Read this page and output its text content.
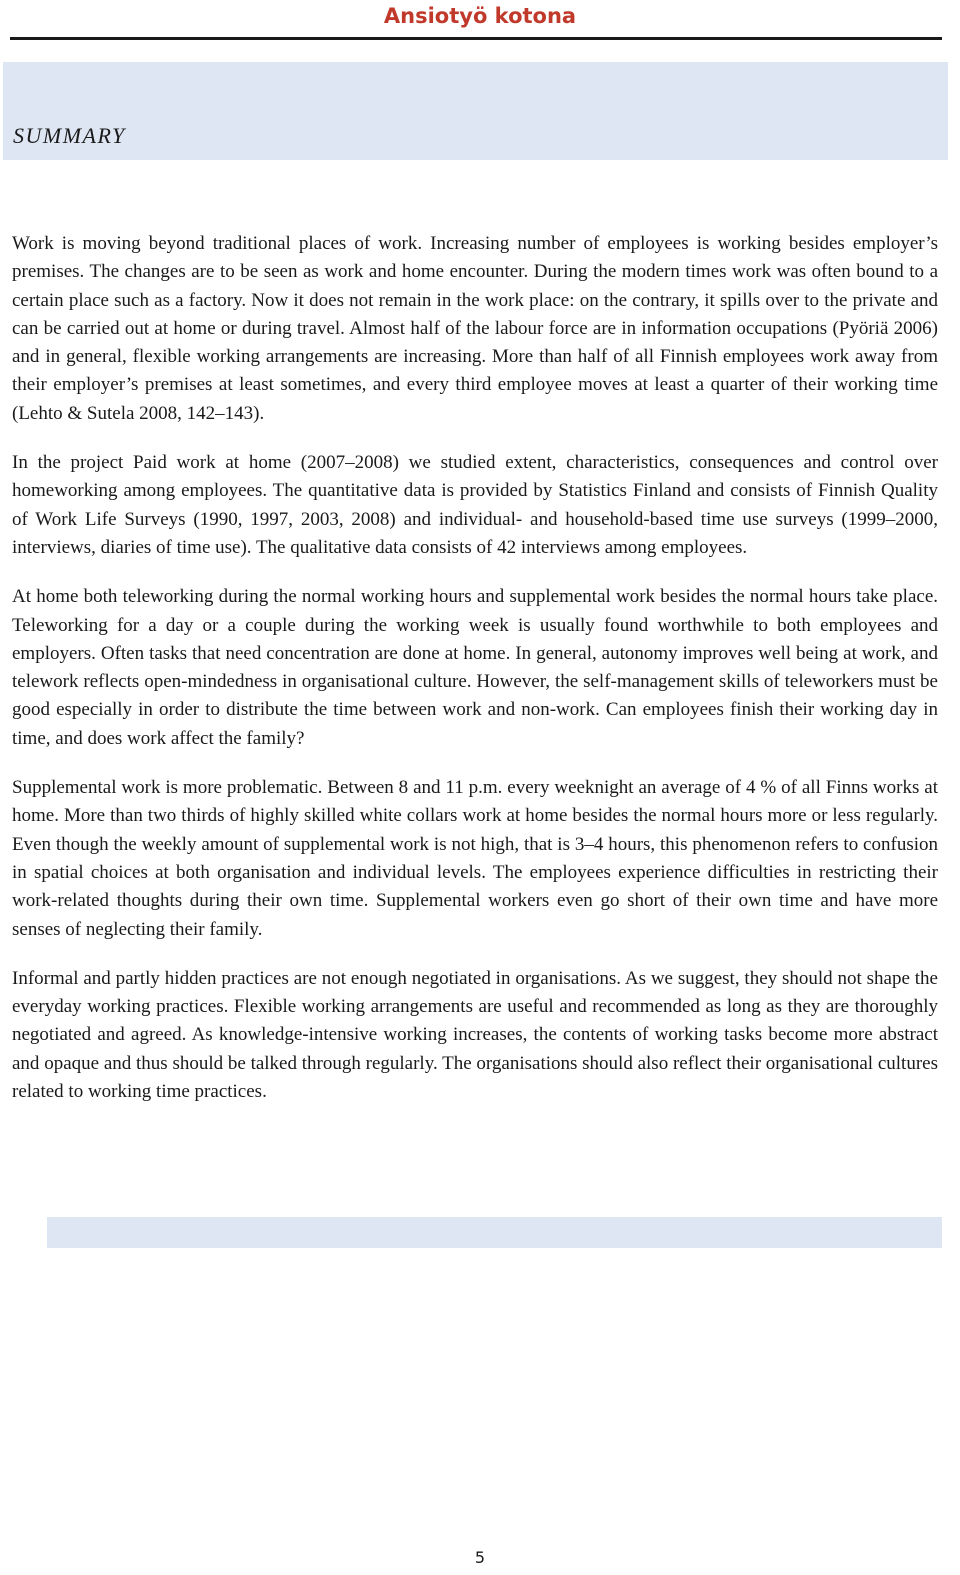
Ansiotyö kotona
SUMMARY

Work is moving beyond traditional places of work. Increasing number of employees is working besides employer’s premises. The changes are to be seen as work and home encounter. During the modern times work was often bound to a certain place such as a factory. Now it does not remain in the work place: on the contrary, it spills over to the private and can be carried out at home or during travel. Almost half of the labour force are in information occupations (Pyöriä 2006) and in general, flexible working arrangements are increasing. More than half of all Finnish employees work away from their employer’s premises at least sometimes, and every third employee moves at least a quarter of their working time (Lehto & Sutela 2008, 142–143).

In the project Paid work at home (2007–2008) we studied extent, characteristics, consequences and control over homeworking among employees. The quantitative data is provided by Statistics Finland and consists of Finnish Quality of Work Life Surveys (1990, 1997, 2003, 2008) and individual- and household-based time use surveys (1999–2000, interviews, diaries of time use). The qualitative data consists of 42 interviews among employees.

At home both teleworking during the normal working hours and supplemental work besides the normal hours take place. Teleworking for a day or a couple during the working week is usually found worthwhile to both employees and employers. Often tasks that need concentration are done at home. In general, autonomy improves well being at work, and telework reflects open-mindedness in organisational culture. However, the self-management skills of teleworkers must be good especially in order to distribute the time between work and non-work. Can employees finish their working day in time, and does work affect the family?

Supplemental work is more problematic. Between 8 and 11 p.m. every weeknight an average of 4 % of all Finns works at home. More than two thirds of highly skilled white collars work at home besides the normal hours more or less regularly. Even though the weekly amount of supplemental work is not high, that is 3–4 hours, this phenomenon refers to confusion in spatial choices at both organisation and individual levels. The employees experience difficulties in restricting their work-related thoughts during their own time. Supplemental workers even go short of their own time and have more senses of neglecting their family.

Informal and partly hidden practices are not enough negotiated in organisations. As we suggest, they should not shape the everyday working practices. Flexible working arrangements are useful and recommended as long as they are thoroughly negotiated and agreed. As knowledge-intensive working increases, the contents of working tasks become more abstract and opaque and thus should be talked through regularly. The organisations should also reflect their organisational cultures related to working time practices.

5
